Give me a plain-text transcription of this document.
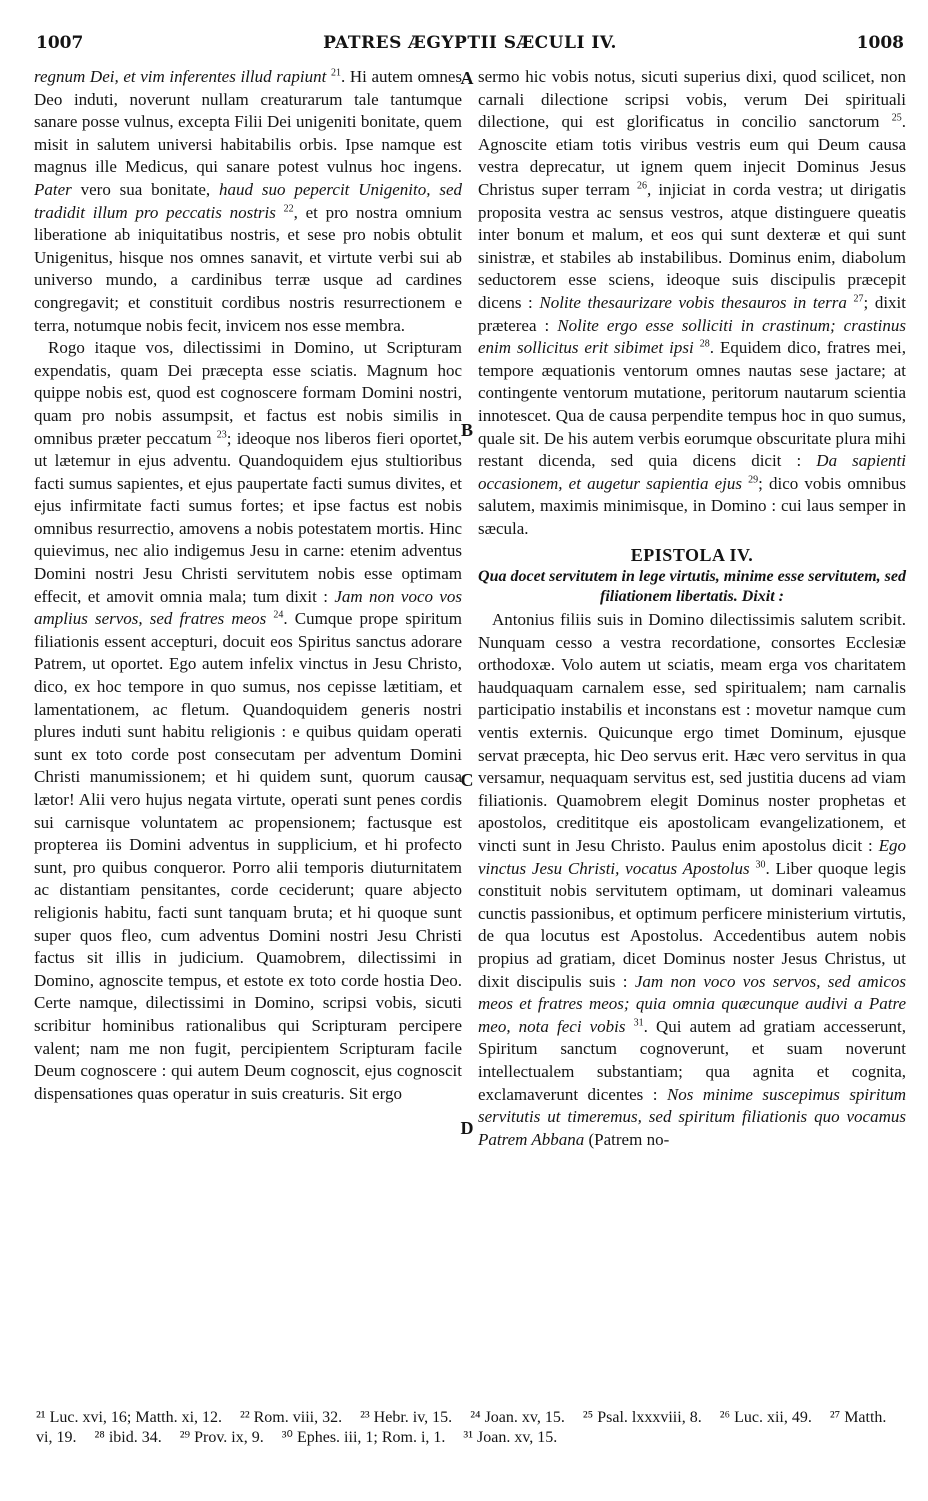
1007	PATRES ÆGYPTII SÆCULI IV.	1008
A
B
C
D

regnum Dei, et vim inferentes illud rapiunt $^{21}$. Hi autem omnes Deo induti, noverunt nullam creaturarum tale tantumque sanare posse vulnus, excepta Filii Dei unigeniti bonitate, quem misit in salutem universi habitabilis orbis. Ipse namque est magnus ille Medicus, qui sanare potest vulnus hoc ingens. Pater vero sua bonitate, haud suo pepercit Unigenito, sed tradidit illum pro peccatis nostris $^{22}$, et pro nostra omnium liberatione ab iniquitatibus nostris, et sese pro nobis obtulit Unigenitus, hisque nos omnes sanavit, et virtute verbi sui ab universo mundo, a cardinibus terræ usque ad cardines congregavit; et constituit cordibus nostris resurrectionem e terra, notumque nobis fecit, invicem nos esse membra.

Rogo itaque vos, dilectissimi in Domino, ut Scripturam expendatis, quam Dei præcepta esse sciatis. Magnum hoc quippe nobis est, quod est cognoscere formam Domini nostri, quam pro nobis assumpsit, et factus est nobis similis in omnibus præter peccatum $^{23}$; ideoque nos liberos fieri oportet, ut lætemur in ejus adventu. Quandoquidem ejus stultioribus facti sumus sapientes, et ejus paupertate facti sumus divites, et ejus infirmitate facti sumus fortes; et ipse factus est nobis omnibus resurrectio, amovens a nobis potestatem mortis. Hinc quievimus, nec alio indigemus Jesu in carne: etenim adventus Domini nostri Jesu Christi servitutem nobis esse optimam effecit, et amovit omnia mala; tum dixit : Jam non voco vos amplius servos, sed fratres meos $^{24}$. Cumque prope spiritum filiationis essent accepturi, docuit eos Spiritus sanctus adorare Patrem, ut oportet. Ego autem infelix vinctus in Jesu Christo, dico, ex hoc tempore in quo sumus, nos cepisse lætitiam, et lamentationem, ac fletum. Quandoquidem generis nostri plures induti sunt habitu religionis : e quibus quidam operati sunt ex toto corde post consecutam per adventum Domini Christi manumissionem; et hi quidem sunt, quorum causa lætor! Alii vero hujus negata virtute, operati sunt penes cordis sui carnisque voluntatem ac propensionem; factusque est propterea iis Domini adventus in supplicium, et hi profecto sunt, pro quibus conqueror. Porro alii temporis diuturnitatem ac distantiam pensitantes, corde ceciderunt; quare abjecto religionis habitu, facti sunt tanquam bruta; et hi quoque sunt super quos fleo, cum adventus Domini nostri Jesu Christi factus sit illis in judicium. Quamobrem, dilectissimi in Domino, agnoscite tempus, et estote ex toto corde hostia Deo. Certe namque, dilectissimi in Domino, scripsi vobis, sicuti scribitur hominibus rationalibus qui Scripturam percipere valent; nam me non fugit, percipientem Scripturam facile Deum cognoscere : qui autem Deum cognoscit, ejus cognoscit dispensationes quas operatur in suis creaturis. Sit ergo

sermo hic vobis notus, sicuti superius dixi, quod scilicet, non carnali dilectione scripsi vobis, verum Dei spirituali dilectione, qui est glorificatus in concilio sanctorum $^{25}$. Agnoscite etiam totis viribus vestris eum qui Deum causa vestra deprecatur, ut ignem quem injecit Dominus Jesus Christus super terram $^{26}$, injiciat in corda vestra; ut dirigatis proposita vestra ac sensus vestros, atque distinguere queatis inter bonum et malum, et eos qui sunt dexteræ et qui sunt sinistræ, et stabiles ab instabilibus. Dominus enim, diabolum seductorem esse sciens, ideoque suis discipulis præcepit dicens : Nolite thesaurizare vobis thesauros in terra $^{27}$; dixit præterea : Nolite ergo esse solliciti in crastinum; crastinus enim sollicitus erit sibimet ipsi $^{28}$. Equidem dico, fratres mei, tempore æquationis ventorum omnes nautas sese jactare; at contingente ventorum mutatione, peritorum nautarum scientia innotescet. Qua de causa perpendite tempus hoc in quo sumus, quale sit. De his autem verbis eorumque obscuritate plura mihi restant dicenda, sed quia dicens dicit : Da sapienti occasionem, et augetur sapientia ejus $^{29}$; dico vobis omnibus salutem, maximis minimisque, in Domino : cui laus semper in sæcula.

EPISTOLA IV.

Qua docet servitutem in lege virtutis, minime esse servitutem, sed filiationem libertatis. Dixit :

Antonius filiis suis in Domino dilectissimis salutem scribit. Nunquam cesso a vestra recordatione, consortes Ecclesiæ orthodoxæ. Volo autem ut sciatis, meam erga vos charitatem haudquaquam carnalem esse, sed spiritualem; nam carnalis participatio instabilis et inconstans est : movetur namque cum ventis externis. Quicunque ergo timet Dominum, ejusque servat præcepta, hic Deo servus erit. Hæc vero servitus in qua versamur, nequaquam servitus est, sed justitia ducens ad viam filiationis. Quamobrem elegit Dominus noster prophetas et apostolos, credititque eis apostolicam evangelizationem, et vincti sunt in Jesu Christo. Paulus enim apostolus dicit : Ego vinctus Jesu Christi, vocatus Apostolus $^{30}$. Liber quoque legis constituit nobis servitutem optimam, ut dominari valeamus cunctis passionibus, et optimum perficere ministerium virtutis, de qua locutus est Apostolus. Accedentibus autem nobis propius ad gratiam, dicet Dominus noster Jesus Christus, ut dixit discipulis suis : Jam non voco vos servos, sed amicos meos et fratres meos; quia omnia quæcunque audivi a Patre meo, nota feci vobis $^{31}$. Qui autem ad gratiam accesserunt, Spiritum sanctum cognoverunt, et suam noverunt intellectualem substantiam; qua agnita et cognita, exclamaverunt dicentes : Nos minime suscepimus spiritum servitutis ut timeremus, sed spiritum filiationis quo vocamus Patrem Abbana (Patrem no-

²¹ Luc. xvi, 16; Matth. xi, 12. ²² Rom. viii, 32. ²³ Hebr. iv, 15. ²⁴ Joan. xv, 15. ²⁵ Psal. lxxxviii, 8. ²⁶ Luc. xii, 49. ²⁷ Matth. vi, 19. ²⁸ ibid. 34. ²⁹ Prov. ix, 9. ³⁰ Ephes. iii, 1; Rom. i, 1. ³¹ Joan. xv, 15.
